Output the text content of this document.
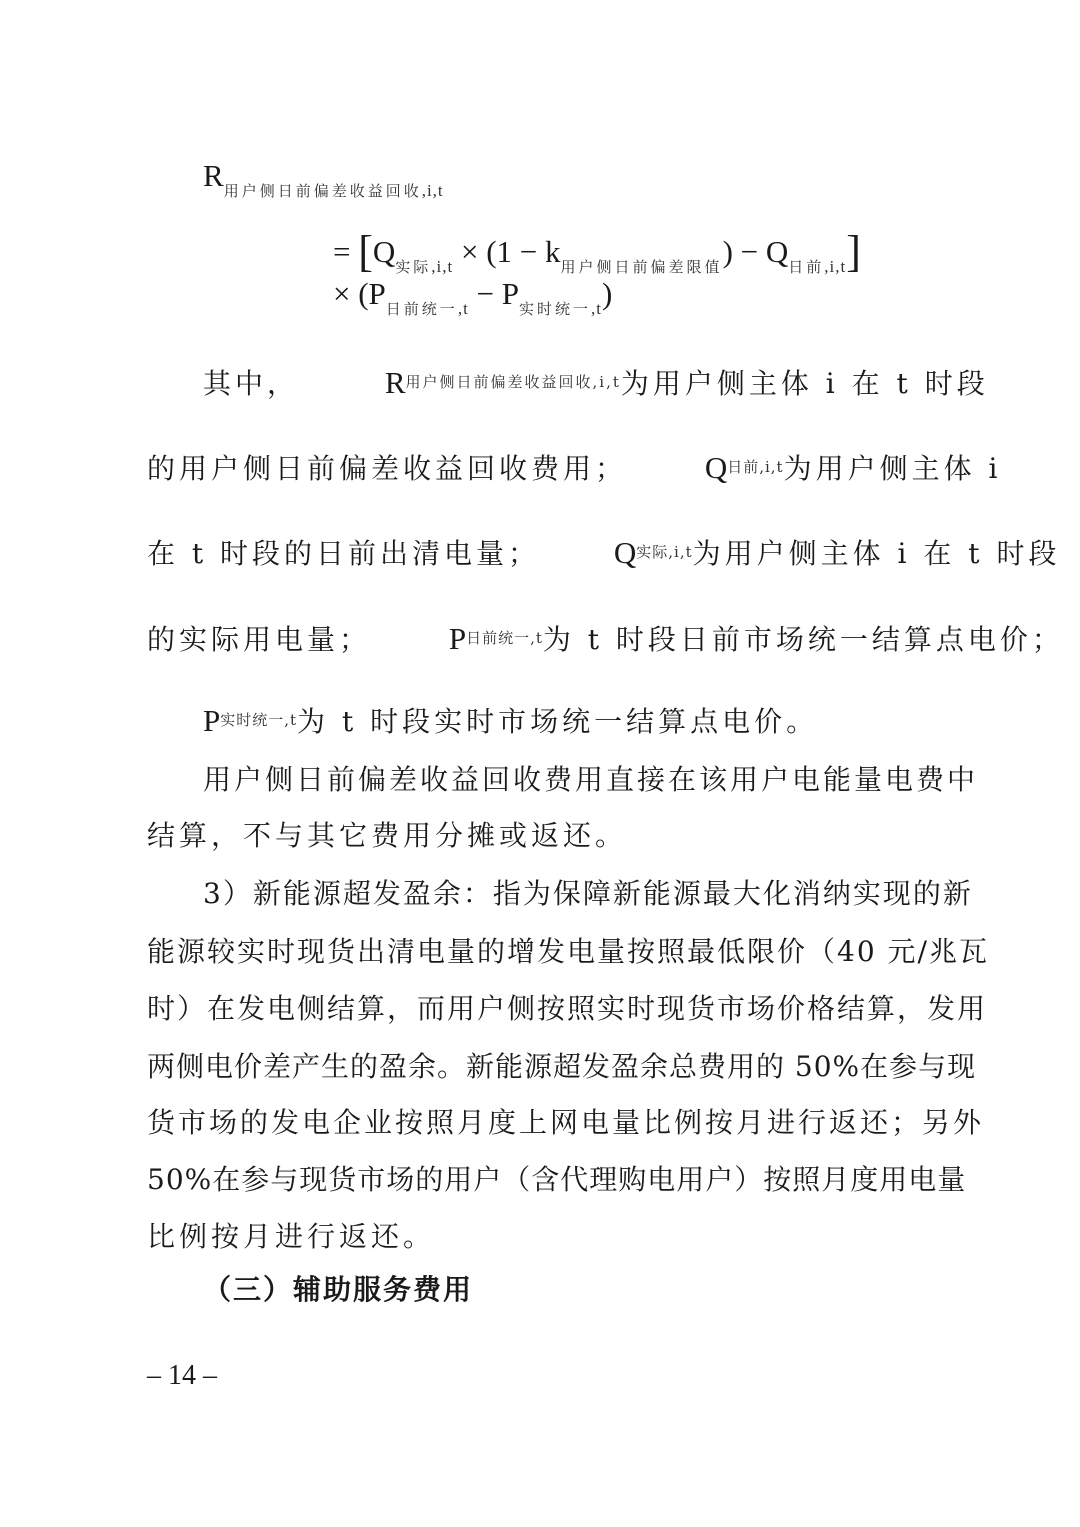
$R_{用户侧日前偏差收益回收,i,t}$
= $[Q_{实际,i,t} \times (1 - k_{用户侧日前偏差限值}) - Q_{日前,i,t}]$
× $(P_{日前统一,t} - P_{实时统一,t})$
其中，	$R^{用户侧日前偏差收益回收,i,t}$为用户侧主体 i 在 t 时段
的用户侧日前偏差收益回收费用；	$Q^{日前,i,t}$为用户侧主体 i
在 t 时段的日前出清电量； $Q^{实际,i,t}$为用户侧主体 i 在 t 时段
的实际用电量；	$P^{日前统一,t}$为 t 时段日前市场统一结算点电价；
$P^{实时统一,t}$为 t 时段实时市场统一结算点电价。
用户侧日前偏差收益回收费用直接在该用户电能量电费中
结算，不与其它费用分摊或返还。
3）新能源超发盈余：指为保障新能源最大化消纳实现的新
能源较实时现货出清电量的增发电量按照最低限价（40 元/兆瓦
时）在发电侧结算，而用户侧按照实时现货市场价格结算，发用
两侧电价差产生的盈余。新能源超发盈余总费用的 50%在参与现
货市场的发电企业按照月度上网电量比例按月进行返还；另外
50%在参与现货市场的用户（含代理购电用户）按照月度用电量
比例按月进行返还。
（三）辅助服务费用
– 14 –
